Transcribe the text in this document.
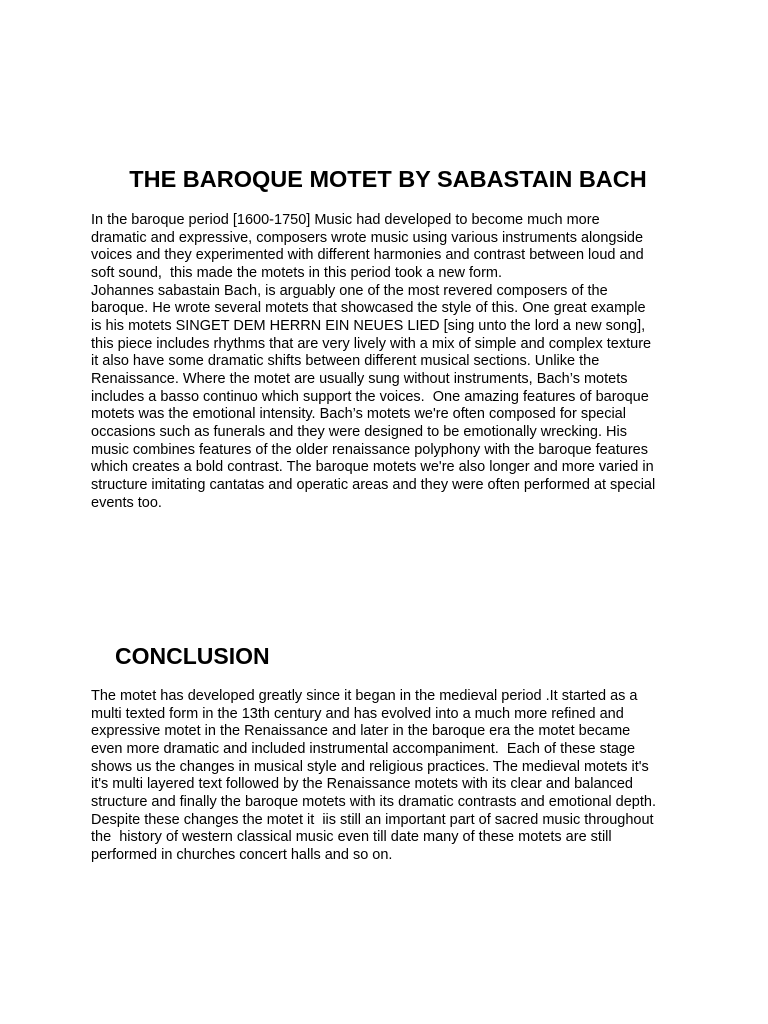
THE BAROQUE MOTET BY SABASTAIN BACH
In the baroque period [1600-1750] Music had developed to become much more
dramatic and expressive, composers wrote music using various instruments alongside
voices and they experimented with different harmonies and contrast between loud and
soft sound,  this made the motets in this period took a new form.
Johannes sabastain Bach, is arguably one of the most revered composers of the
baroque. He wrote several motets that showcased the style of this. One great example
is his motets SINGET DEM HERRN EIN NEUES LIED [sing unto the lord a new song],
this piece includes rhythms that are very lively with a mix of simple and complex texture
it also have some dramatic shifts between different musical sections. Unlike the
Renaissance. Where the motet are usually sung without instruments, Bach’s motets
includes a basso continuo which support the voices.  One amazing features of baroque
motets was the emotional intensity. Bach’s motets we're often composed for special
occasions such as funerals and they were designed to be emotionally wrecking. His
music combines features of the older renaissance polyphony with the baroque features
which creates a bold contrast. The baroque motets we're also longer and more varied in
structure imitating cantatas and operatic areas and they were often performed at special
events too.
CONCLUSION
The motet has developed greatly since it began in the medieval period .It started as a
multi texted form in the 13th century and has evolved into a much more refined and
expressive motet in the Renaissance and later in the baroque era the motet became
even more dramatic and included instrumental accompaniment.  Each of these stage
shows us the changes in musical style and religious practices. The medieval motets it's
it's multi layered text followed by the Renaissance motets with its clear and balanced
structure and finally the baroque motets with its dramatic contrasts and emotional depth.
Despite these changes the motet it  iis still an important part of sacred music throughout
the  history of western classical music even till date many of these motets are still
performed in churches concert halls and so on.
